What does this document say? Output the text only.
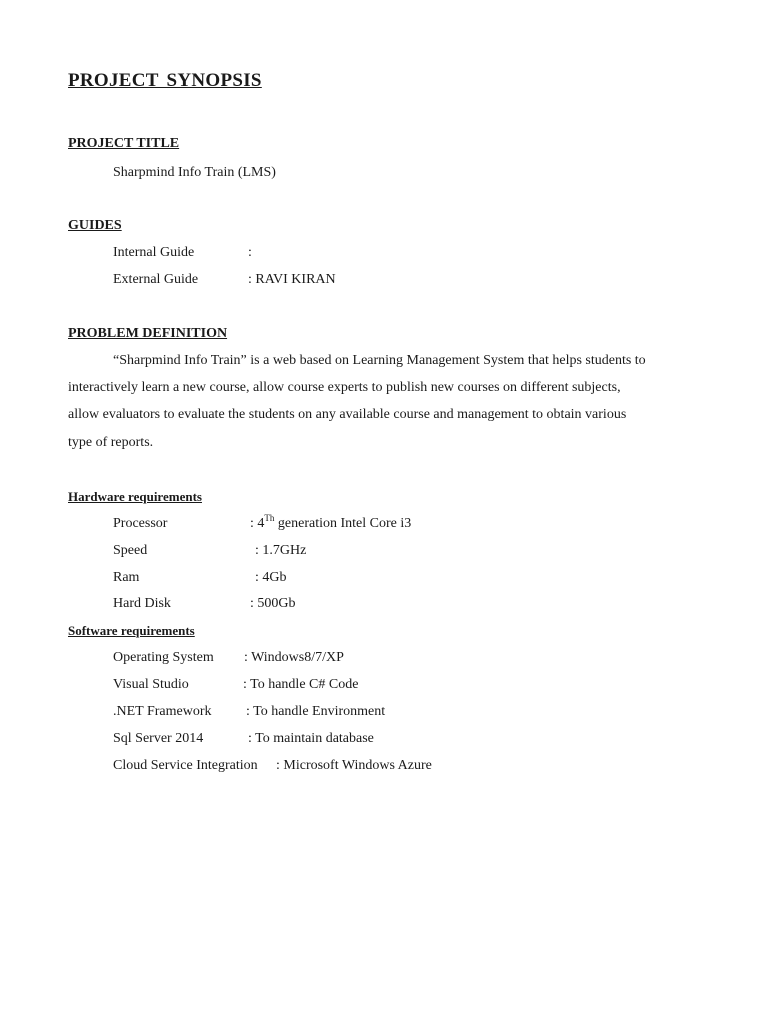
PROJECT SYNOPSIS
PROJECT TITLE
Sharpmind Info Train (LMS)
GUIDES
Internal Guide	:
External Guide	: RAVI KIRAN
PROBLEM DEFINITION
“Sharpmind Info Train” is a web based on Learning Management System that helps students to
interactively learn a new course, allow course experts to publish new courses on different subjects,
allow evaluators to evaluate the students on any available course and management to obtain various
type of reports.
Hardware requirements
Processor	: 4Th generation Intel Core i3
Speed	: 1.7GHz
Ram	: 4Gb
Hard Disk	: 500Gb
Software requirements
Operating System : Windows8/7/XP
Visual Studio	: To handle C# Code
.NET Framework : To handle Environment
Sql Server 2014	: To maintain database
Cloud Service Integration : Microsoft Windows Azure
